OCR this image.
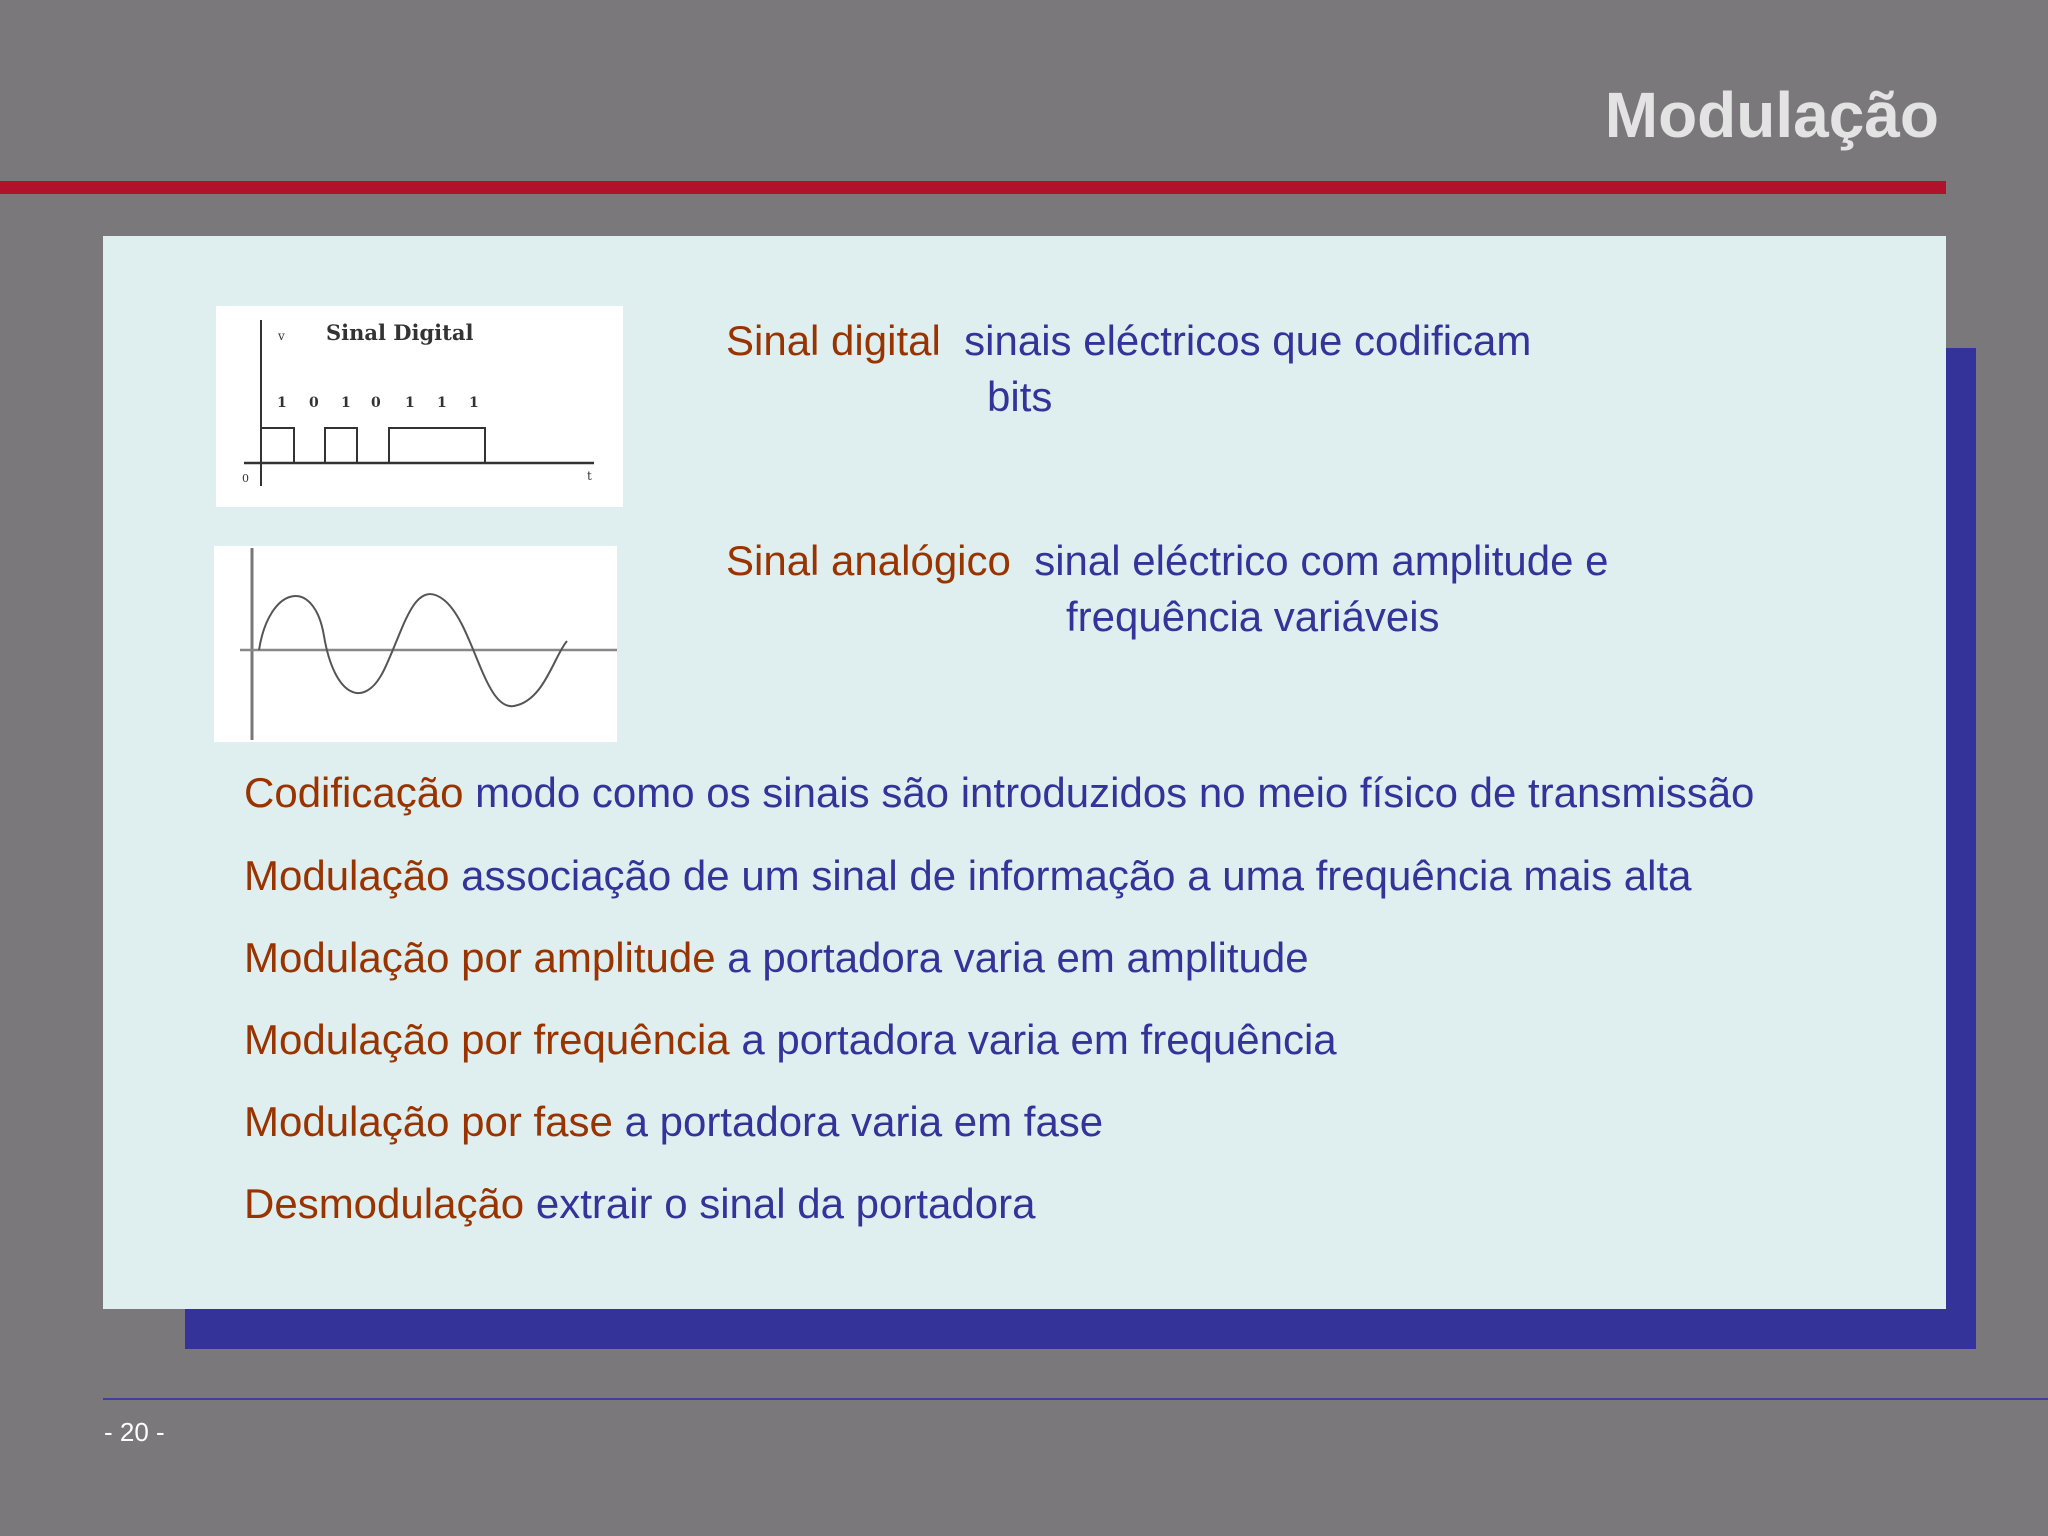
Modulação
v
t
0
Sinal Digital
1 0 1 0 1 1 1
Sinal digital sinais eléctricos que codificam
bits
Sinal analógico sinal eléctrico com amplitude e
frequência variáveis
Codificação modo como os sinais são introduzidos no meio físico de transmissão
Modulação associação de um sinal de informação a uma frequência mais alta
Modulação por amplitude a portadora varia em amplitude
Modulação por frequência a portadora varia em frequência
Modulação por fase a portadora varia em fase
Desmodulação extrair o sinal da portadora
- 20 -
